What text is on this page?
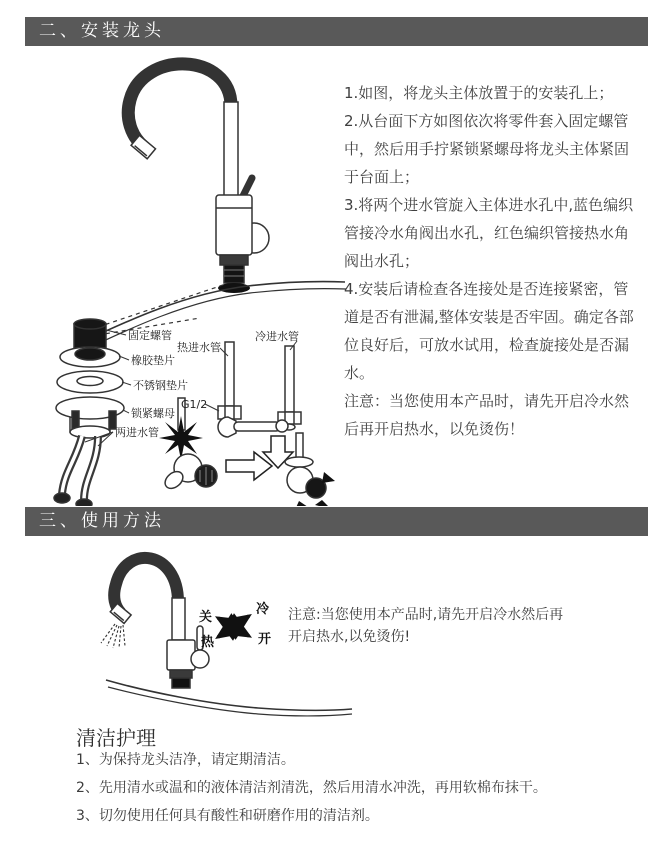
二、安装龙头
固定螺管
橡胶垫片
不锈钢垫片
锁紧螺母
两进水管
热进水管
冷进水管
G1/2

1.如图，将龙头主体放置于的安装孔上；

2.从台面下方如图依次将零件套入固定螺管中，然后用手拧紧锁紧螺母将龙头主体紧固于台面上；

3.将两个进水管旋入主体进水孔中,蓝色编织管接冷水角阀出水孔，红色编织管接热水角阀出水孔；

4.安装后请检查各连接处是否连接紧密，管道是否有泄漏,整体安装是否牢固。确定各部位良好后，可放水试用，检查旋接处是否漏水。

注意：当您使用本产品时，请先开启冷水然后再开启热水，以免烫伤！

三、使用方法
关
冷
热	开

注意:当您使用本产品时,请先开启冷水然后再

开启热水,以免烫伤!

清洁护理

1、为保持龙头洁净，请定期清洁。

2、先用清水或温和的液体清洁剂清洗，然后用清水冲洗，再用软棉布抹干。

3、切勿使用任何具有酸性和研磨作用的清洁剂。
